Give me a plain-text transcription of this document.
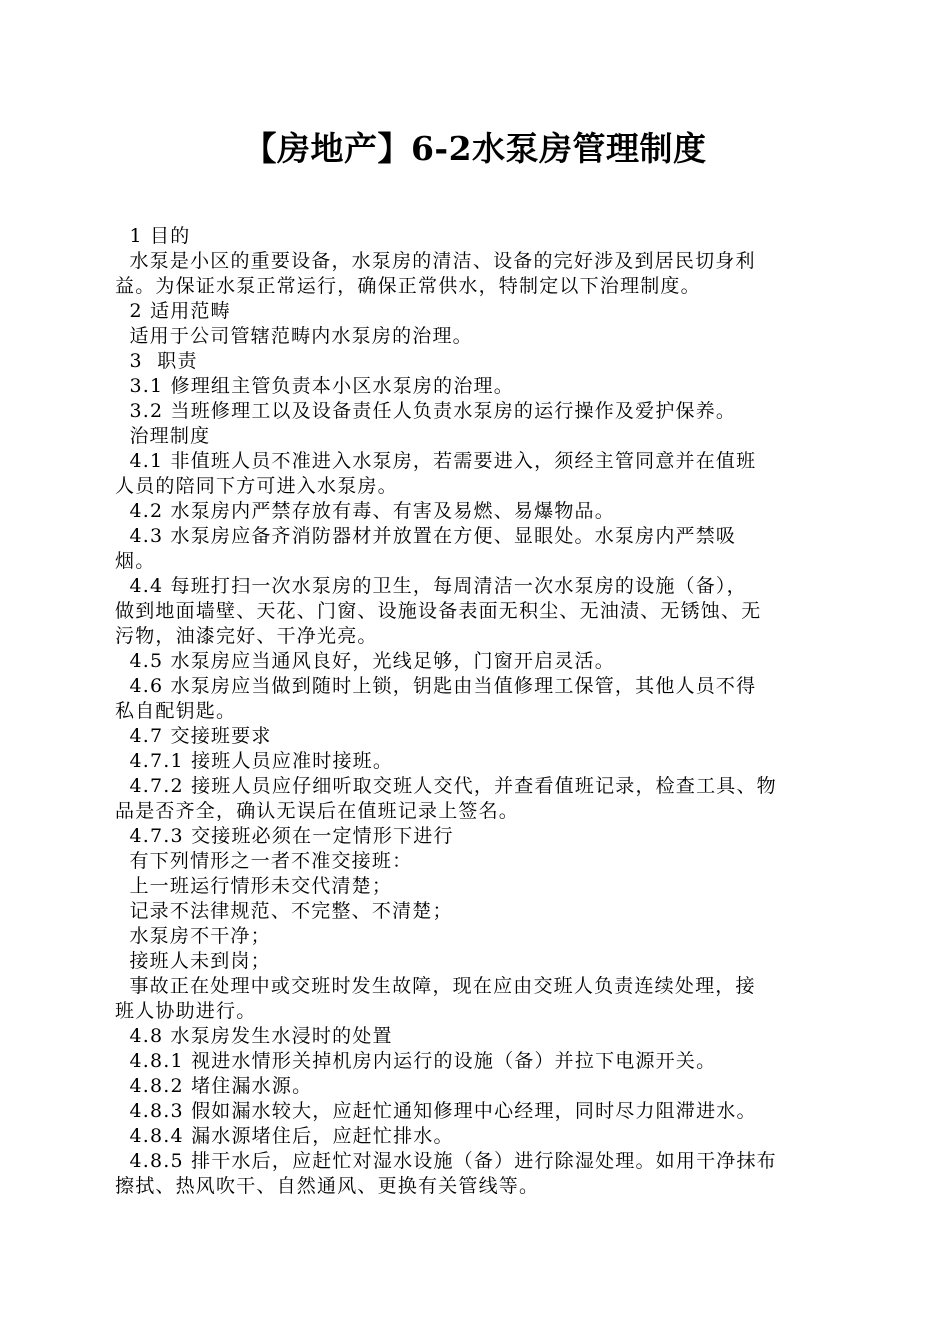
【房地产】6-2水泵房管理制度
1 目的
水泵是小区的重要设备，水泵房的清洁、设备的完好涉及到居民切身利
益。为保证水泵正常运行，确保正常供水，特制定以下治理制度。
2 适用范畴
适用于公司管辖范畴内水泵房的治理。
3  职责
3.1 修理组主管负责本小区水泵房的治理。
3.2 当班修理工以及设备责任人负责水泵房的运行操作及爱护保养。
治理制度
4.1 非值班人员不准进入水泵房，若需要进入，须经主管同意并在值班
人员的陪同下方可进入水泵房。
4.2 水泵房内严禁存放有毒、有害及易燃、易爆物品。
4.3 水泵房应备齐消防器材并放置在方便、显眼处。水泵房内严禁吸
烟。
4.4 每班打扫一次水泵房的卫生，每周清洁一次水泵房的设施（备），
做到地面墙壁、天花、门窗、设施设备表面无积尘、无油渍、无锈蚀、无
污物，油漆完好、干净光亮。
4.5 水泵房应当通风良好，光线足够，门窗开启灵活。
4.6 水泵房应当做到随时上锁，钥匙由当值修理工保管，其他人员不得
私自配钥匙。
4.7 交接班要求
4.7.1 接班人员应准时接班。
4.7.2 接班人员应仔细听取交班人交代，并查看值班记录，检查工具、物
品是否齐全，确认无误后在值班记录上签名。
4.7.3 交接班必须在一定情形下进行
有下列情形之一者不准交接班：
上一班运行情形未交代清楚；
记录不法律规范、不完整、不清楚；
水泵房不干净；
接班人未到岗；
事故正在处理中或交班时发生故障，现在应由交班人负责连续处理，接
班人协助进行。
4.8 水泵房发生水浸时的处置
4.8.1 视进水情形关掉机房内运行的设施（备）并拉下电源开关。
4.8.2 堵住漏水源。
4.8.3 假如漏水较大，应赶忙通知修理中心经理，同时尽力阻滞进水。
4.8.4 漏水源堵住后，应赶忙排水。
4.8.5 排干水后，应赶忙对湿水设施（备）进行除湿处理。如用干净抹布
擦拭、热风吹干、自然通风、更换有关管线等。
